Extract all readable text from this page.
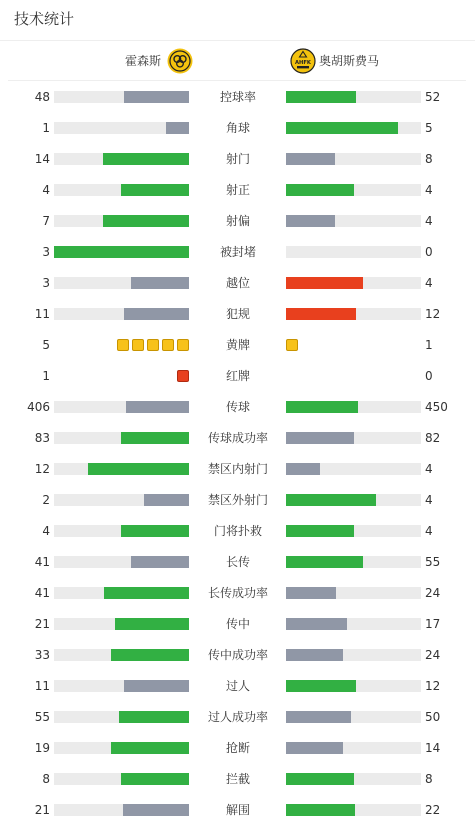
技术统计
霍森斯	AHFK 奥胡斯费马
48	控球率	52
1	角球	5
14	射门	8
4	射正	4
7	射偏	4
3	被封堵	0
3	越位	4
11	犯规	12
5	黄牌	1
1	红牌	0
406	传球	450
83	传球成功率	82
12	禁区内射门	4
2	禁区外射门	4
4	门将扑救	4
41	长传	55
41	长传成功率	24
21	传中	17
33	传中成功率	24
11	过人	12
55	过人成功率	50
19	抢断	14
8	拦截	8
21	解围	22
